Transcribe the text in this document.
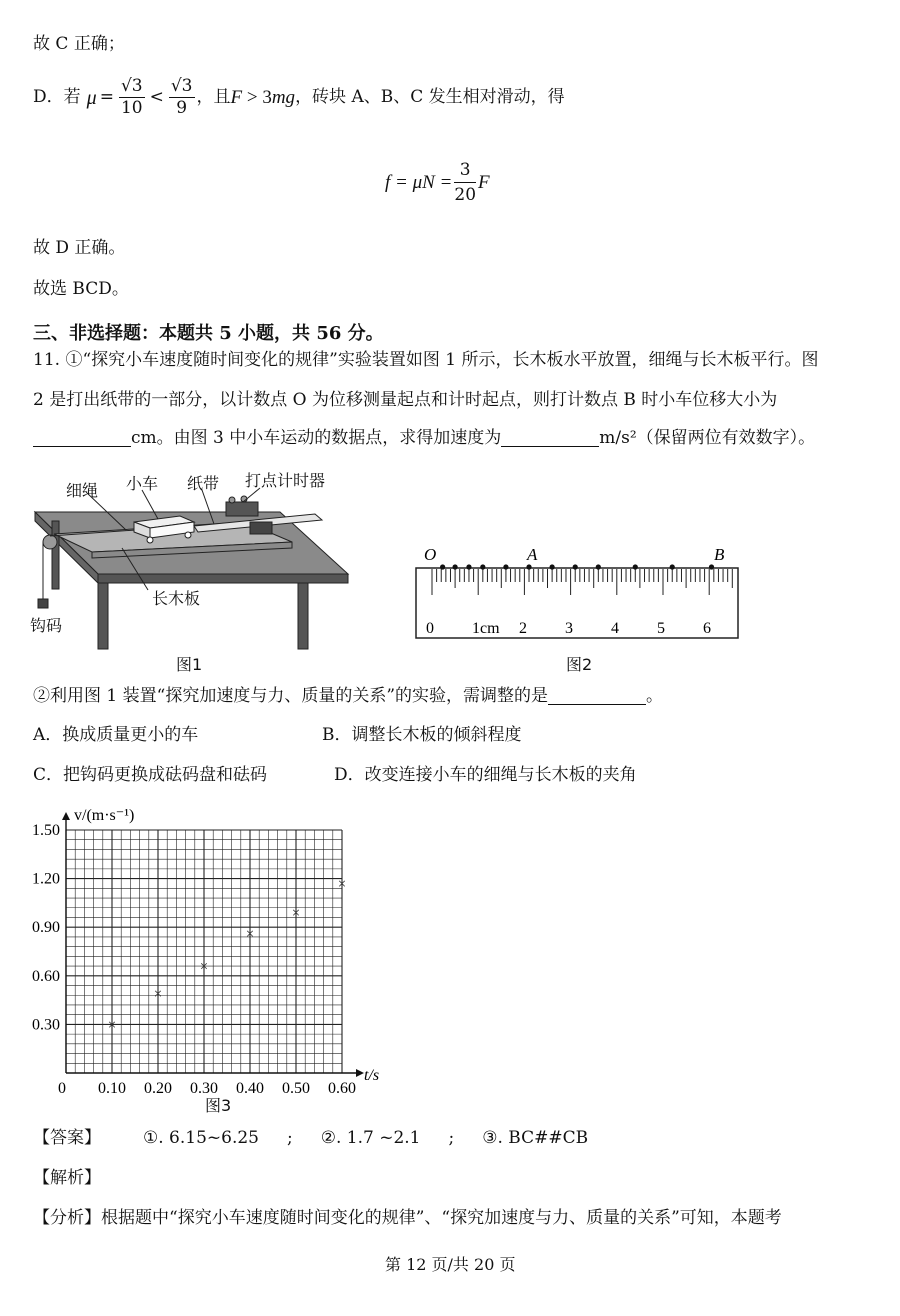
故 C 正确；
D．若 $\mu = \frac{√3}{10} < \frac{√3}{9}$ ，且 F > 3 mg ，砖块 A、B、C 发生相对滑动，得
$f = \mu N = \frac{3}{20}$ F
故 D 正确。
故选 BCD。
三、非选择题：本题共 5 小题，共 56 分。
11. ①“探究小车速度随时间变化的规律”实验装置如图 1 所示，长木板水平放置，细绳与长木板平行。图
2 是打出纸带的一部分，以计数点 O 为位移测量起点和计时起点，则打计数点 B 时小车位移大小为
cm。由图 3 中小车运动的数据点，求得加速度为	m/s²（保留两位有效数字）。
细绳 小车 纸带 打点计时器
长木板
钩码
图1
O	A	B
0 1cm 2 3 4 5 6
图2
②利用图 1 装置“探究加速度与力、质量的关系”的实验，需调整的是	。
A．换成质量更小的车	B．调整长木板的倾斜程度
C．把钩码更换成砝码盘和砝码	D．改变连接小车的细绳与长木板的夹角
0.30
0.60
0.90
1.20
1.50
0 0.10 0.20 0.30 0.40 0.50 0.60
×
×
×
×
×
×
v/(m·s⁻¹)
t/s
图3
【答案】 ①. 6.15~6.25 ; ②. 1.7 ~2.1 ; ③. BC##CB
【解析】
【分析】根据题中“探究小车速度随时间变化的规律”、“探究加速度与力、质量的关系”可知，本题考
第 12 页/共 20 页
